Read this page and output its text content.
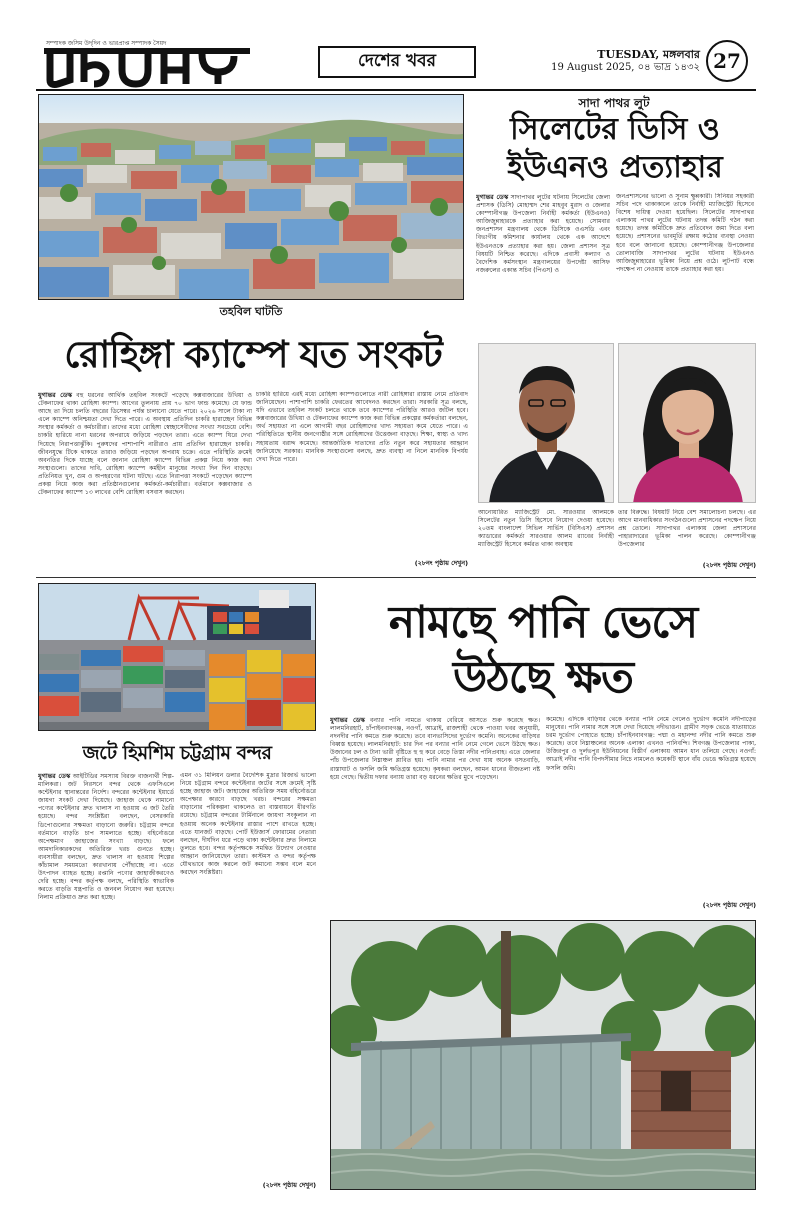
সম্পাদক জসিম উদ্‌দিন ও ভারপ্রাপ্ত সম্পাদক সৈয়দ
দেশের খবর	TUESDAY, মঙ্গলবার
19 August 2025, ০৪ ভাদ্র ১৪৩২ 27
তহবিল ঘাটতি
সাদা পাথর লুট
সিলেটের ডিসি ও
ইউএনও প্রত্যাহার
যুগান্তর ডেস্ক সাদাপাথর লুটের ঘটনায় সিলেটের জেলা প্রশাসক (ডিসি) মোহাম্মদ শের মাহবুব মুরাদ ও জেলার কোম্পানীগঞ্জ উপজেলা নির্বাহী কর্মকর্তা (ইউএনও) আজিজুন্নাহারকে প্রত্যাহার করা হয়েছে। সোমবার জনপ্রশাসন মন্ত্রণালয় থেকে ডিসিকে ওএসডি এবং বিভাগীয় কমিশনার কার্যালয় থেকে এক আদেশে ইউএনওকে প্রত্যাহার করা হয়। জেলা প্রশাসন সূত্র বিষয়টি নিশ্চিত করেছে। এদিকে প্রবাসী কল্যাণ ও বৈদেশিক কর্মসংস্থান মন্ত্রণালয়ের উপদেষ্টা আসিফ নজরুলের একান্ত সচিব (পিএস) ও
জনপ্রশাসনের ভালো ও সুনাম ক্ষুন্নকারী। সিনিয়র সহকারী সচিব পদে থাকাকালে তাকে নির্বাহী ম্যাজিস্ট্রেট হিসেবে বিশেষ দায়িত্ব দেওয়া হয়েছিল। সিলেটের সাদাপাথর এলাকায় পাথর লুটের ঘটনায় তদন্ত কমিটি গঠন করা হয়েছে। তদন্ত কমিটিকে দ্রুত প্রতিবেদন জমা দিতে বলা হয়েছে। প্রশাসনের ভাবমূর্তি রক্ষায় কঠোর ব্যবস্থা নেওয়া হবে বলে জানানো হয়েছে। কোম্পানীগঞ্জ উপজেলার তোলাবাজি সাদাপাথর লুটের ঘটনায় ইউএনও আজিজুন্নাহারের ভূমিকা নিয়ে প্রশ্ন ওঠে। লুটপাট বন্ধে পদক্ষেপ না নেওয়ায় তাকে প্রত্যাহার করা হয়।
আনোয়ারিত ম্যাজিস্ট্রেট মো. সারওয়ার আলমকে সিলেটের নতুন ডিসি হিসেবে নিয়োগ দেওয়া হয়েছে। ২০তম বাংলাদেশ সিভিল সার্ভিস (বিসিএস) প্রশাসন ক্যাডারের কর্মকর্তা সারওয়ার আলম র‌্যাবের নির্বাহী ম্যাজিস্ট্রেট হিসেবে কর্মরত থাকা অবস্থায়
তার বিরুদ্ধে। বিষয়টি নিয়ে বেশ সমালোচনা চলছে। এর আগে মানবাধিকার সংগঠনগুলো প্রশাসনের পদক্ষেপ নিয়ে প্রশ্ন তোলে। সাদাপাথর এলাকায় জেলা প্রশাসনের পাহারাদারের ভূমিকা পালন করেছে। কোম্পানীগঞ্জ উপজেলার
(২৮নং পৃষ্ঠায় দেখুন)
রোহিঙ্গা ক্যাম্পে যত সংকট
যুগান্তর ডেস্ক বহু ধরনের আর্থিক তহবিল সংকটে পড়েছে কক্সবাজারের উখিয়া ও টেকনাফের থাকা রোহিঙ্গা ক্যাম্প। আগের তুলনায় প্রায় ৭০ ভাগ ফান্ড কমেছে। যে ফান্ড আছে তা দিয়ে চলতি বছরের ডিসেম্বর পর্যন্ত চালানো যেতে পারে। ২০২৬ সালে টাকা না এলে ক্যাম্পে অনিশ্চয়তা দেখা দিতে পারে। এ অবস্থায় প্রতিদিন চাকরি হারাচ্ছেন বিভিন্ন সংস্থার কর্মকর্তা ও কর্মচারীরা। তাদের মধ্যে রোহিঙ্গা স্বেচ্ছাসেবীদের সংখ্যা সবচেয়ে বেশি। চাকরি হারিয়ে নানা ধরনের অপরাধে জড়িয়ে পড়ছেন তারা। এতে ক্যাম্প ঘিরে দেখা দিয়েছে নিরাপত্তাঝুঁকি। পুরুষদের পাশাপাশি নারীরাও প্রায় প্রতিদিন হারাচ্ছেন চাকরি। জীবনযুদ্ধে টিকে থাকতে তারাও জড়িয়ে পড়ছেন অপরাধ চক্রে। এতে পরিস্থিতি ক্রমেই অবনতির দিকে যাচ্ছে বলে জানান রোহিঙ্গা ক্যাম্পে বিভিন্ন প্রকল্প নিয়ে কাজ করা সংস্থাগুলো। তাদের দাবি, রোহিঙ্গা ক্যাম্পে কর্মহীন মানুষের সংখ্যা দিন দিন বাড়ছে। প্রতিনিয়ত খুন, গুম ও অপহরণের ঘটনা ঘটছে। এতে নিরাপত্তা সংকটে পড়েছেন ক্যাম্পে প্রকল্প নিয়ে কাজ করা প্রতিষ্ঠানগুলোর কর্মকর্তা-কর্মচারীরা। বর্তমানে কক্সবাজার ও টেকনাফের ক্যাম্পে ১৩ লাখের বেশি রোহিঙ্গা বসবাস করছেন।
চাকরি হারিয়ে এরই মধ্যে রোহিঙ্গা ক্যাম্পগুলোতে নারী রোহিঙ্গারা রাস্তায় নেমে প্রতিবাদ জানিয়েছেন। পাশাপাশি চাকরি ফেরতের আবেদনও করছেন তারা। সরকারি সূত্র বলছে, যদি এভাবে তহবিল সংকট চলতে থাকে তবে ক্যাম্পের পরিস্থিতি আরও জটিল হবে। কক্সবাজারের উখিয়া ও টেকনাফের ক্যাম্পে কাজ করা বিভিন্ন প্রকল্পের কর্মকর্তারা বলছেন, অর্থ সহায়তা না এলে আগামী বছর রোহিঙ্গাদের খাদ্য সহায়তা কমে যেতে পারে। এ পরিস্থিতিতে স্থানীয় জনগোষ্ঠীর সঙ্গে রোহিঙ্গাদের উত্তেজনা বাড়ছে। শিক্ষা, স্বাস্থ্য ও খাদ্য সহায়তায় বরাদ্দ কমেছে। আন্তর্জাতিক দাতাদের প্রতি নতুন করে সহায়তার আহ্বান জানিয়েছে সরকার। মানবিক সংস্থাগুলো বলছে, দ্রুত ব্যবস্থা না নিলে মানবিক বিপর্যয় দেখা দিতে পারে।
(২৮নং পৃষ্ঠায় দেখুন)
নামছে পানি ভেসে
উঠছে ক্ষত
জটে হিমশিম চট্টগ্রাম বন্দর
যুগান্তর ডেস্ক আইটিডির সমস্যায় বিরক্ত বাজনার্থী শিল্প-মালিকরা। জট নিরসনে বন্দর থেকে এফসিএলে কন্টেইনার স্থানান্তরের নির্দেশ। বন্দরের কন্টেইনার ইয়ার্ডে জায়গা সংকট দেখা দিয়েছে। জাহাজ থেকে নামানো পণ্যের কন্টেইনার দ্রুত খালাস না হওয়ায় এ জট তৈরি হয়েছে। বন্দর সংশ্লিষ্টরা বলছেন, বেসরকারি ডিপোগুলোর সক্ষমতা বাড়ানো জরুরি। চট্টগ্রাম বন্দরে বর্তমানে বাড়তি চাপ সামলাতে হচ্ছে। বহির্নোঙরে অপেক্ষমাণ জাহাজের সংখ্যা বাড়ছে। ফলে আমদানিকারকদের অতিরিক্ত খরচ গুনতে হচ্ছে। ব্যবসায়ীরা বলছেন, দ্রুত খালাস না হওয়ায় শিল্পের কাঁচামাল সময়মতো কারখানায় পৌঁছাচ্ছে না। এতে উৎপাদন ব্যাহত হচ্ছে। রপ্তানি পণ্যের জাহাজীকরণেও দেরি হচ্ছে। বন্দর কর্তৃপক্ষ বলছে, পরিস্থিতি স্বাভাবিক করতে বাড়তি যন্ত্রপাতি ও জনবল নিয়োগ করা হয়েছে। নিলাম প্রক্রিয়াও দ্রুত করা হচ্ছে।
এমন ৩১ মিলিয়ন ডলার বৈদেশিক মুদ্রার রিজার্ভ ভালো নিয়ে চট্টগ্রাম বন্দরে কন্টেইনার জটের সঙ্গে ক্রমেই সৃষ্টি হচ্ছে জাহাজ জট। জাহাজের অতিরিক্ত সময় বহির্নোঙরে অপেক্ষার কারণে বাড়ছে খরচ। বন্দরের সক্ষমতা বাড়ানোর পরিকল্পনা থাকলেও তা বাস্তবায়নে ধীরগতি রয়েছে। চট্টগ্রাম বন্দরের টার্মিনালে জায়গা সংকুলান না হওয়ায় অনেক কন্টেইনার রাস্তার পাশে রাখতে হচ্ছে। এতে যানজট বাড়ছে। পোর্ট ইউজার্স ফোরামের নেতারা বলছেন, দীর্ঘদিন ধরে পড়ে থাকা কন্টেইনার দ্রুত নিলামে তুলতে হবে। বন্দর কর্তৃপক্ষকে সমন্বিত উদ্যোগ নেওয়ার আহ্বান জানিয়েছেন তারা। কাস্টমস ও বন্দর কর্তৃপক্ষ যৌথভাবে কাজ করলে জট কমানো সম্ভব বলে মনে করছেন সংশ্লিষ্টরা।
(২৮নং পৃষ্ঠায় দেখুন)
যুগান্তর ডেস্ক বন্যার পানি নামতে থাকায় বেরিয়ে আসতে শুরু করেছে ক্ষত। লালমনিরহাট, চাঁপাইনবাবগঞ্জ, নওগাঁ, আত্রাই, রাজশাহী থেকে পাওয়া খবর অনুযায়ী, নদনদীর পানি কমতে শুরু করেছে। তবে বানভাসিদের দুর্ভোগ কমেনি। অনেকের বাড়িঘর বিধ্বস্ত হয়েছে। লালমনিরহাট: চার দিন পর বন্যার পানি নেমে গেলে ভেসে উঠছে ক্ষত। উজানের ঢল ও টানা ভারী বৃষ্টিতে হু হু করে বেড়ে তিস্তা নদীর পানিপ্রবাহ। এতে জেলার পাঁচ উপজেলার নিম্নাঞ্চল প্লাবিত হয়। পানি নামার পর দেখা যায় অনেক বসতবাড়ি, রাস্তাঘাট ও ফসলি জমি ক্ষতিগ্রস্ত হয়েছে। কৃষকরা বলছেন, আমন ধানের বীজতলা নষ্ট হয়ে গেছে। দ্বিতীয় দফার বন্যায় তারা বড় ধরনের ক্ষতির মুখে পড়েছেন।
কমেছে। এদিকে বাড়িঘর থেকে বন্যার পানি নেমে গেলেও দুর্ভোগ কমেনি নদীপাড়ের মানুষের। পানি নামার সঙ্গে সঙ্গে দেখা দিয়েছে নদীভাঙন। গ্রামীণ সড়ক ভেঙে যাতায়াতে চরম দুর্ভোগ পোহাতে হচ্ছে। চাঁপাইনবাবগঞ্জ: পদ্মা ও মহানন্দা নদীর পানি কমতে শুরু করেছে। তবে নিম্নাঞ্চলের অনেক এলাকা এখনও পানিবন্দি। শিবগঞ্জ উপজেলার পাকা, উজিরপুর ও দুর্লভপুর ইউনিয়নের বিস্তীর্ণ এলাকায় আমন ধান তলিয়ে গেছে। নওগাঁ: আত্রাই নদীর পানি বিপদসীমার নিচে নামলেও কয়েকটি স্থানে বাঁধ ভেঙে ক্ষতিগ্রস্ত হয়েছে ফসলি জমি।
(২৮নং পৃষ্ঠায় দেখুন)
